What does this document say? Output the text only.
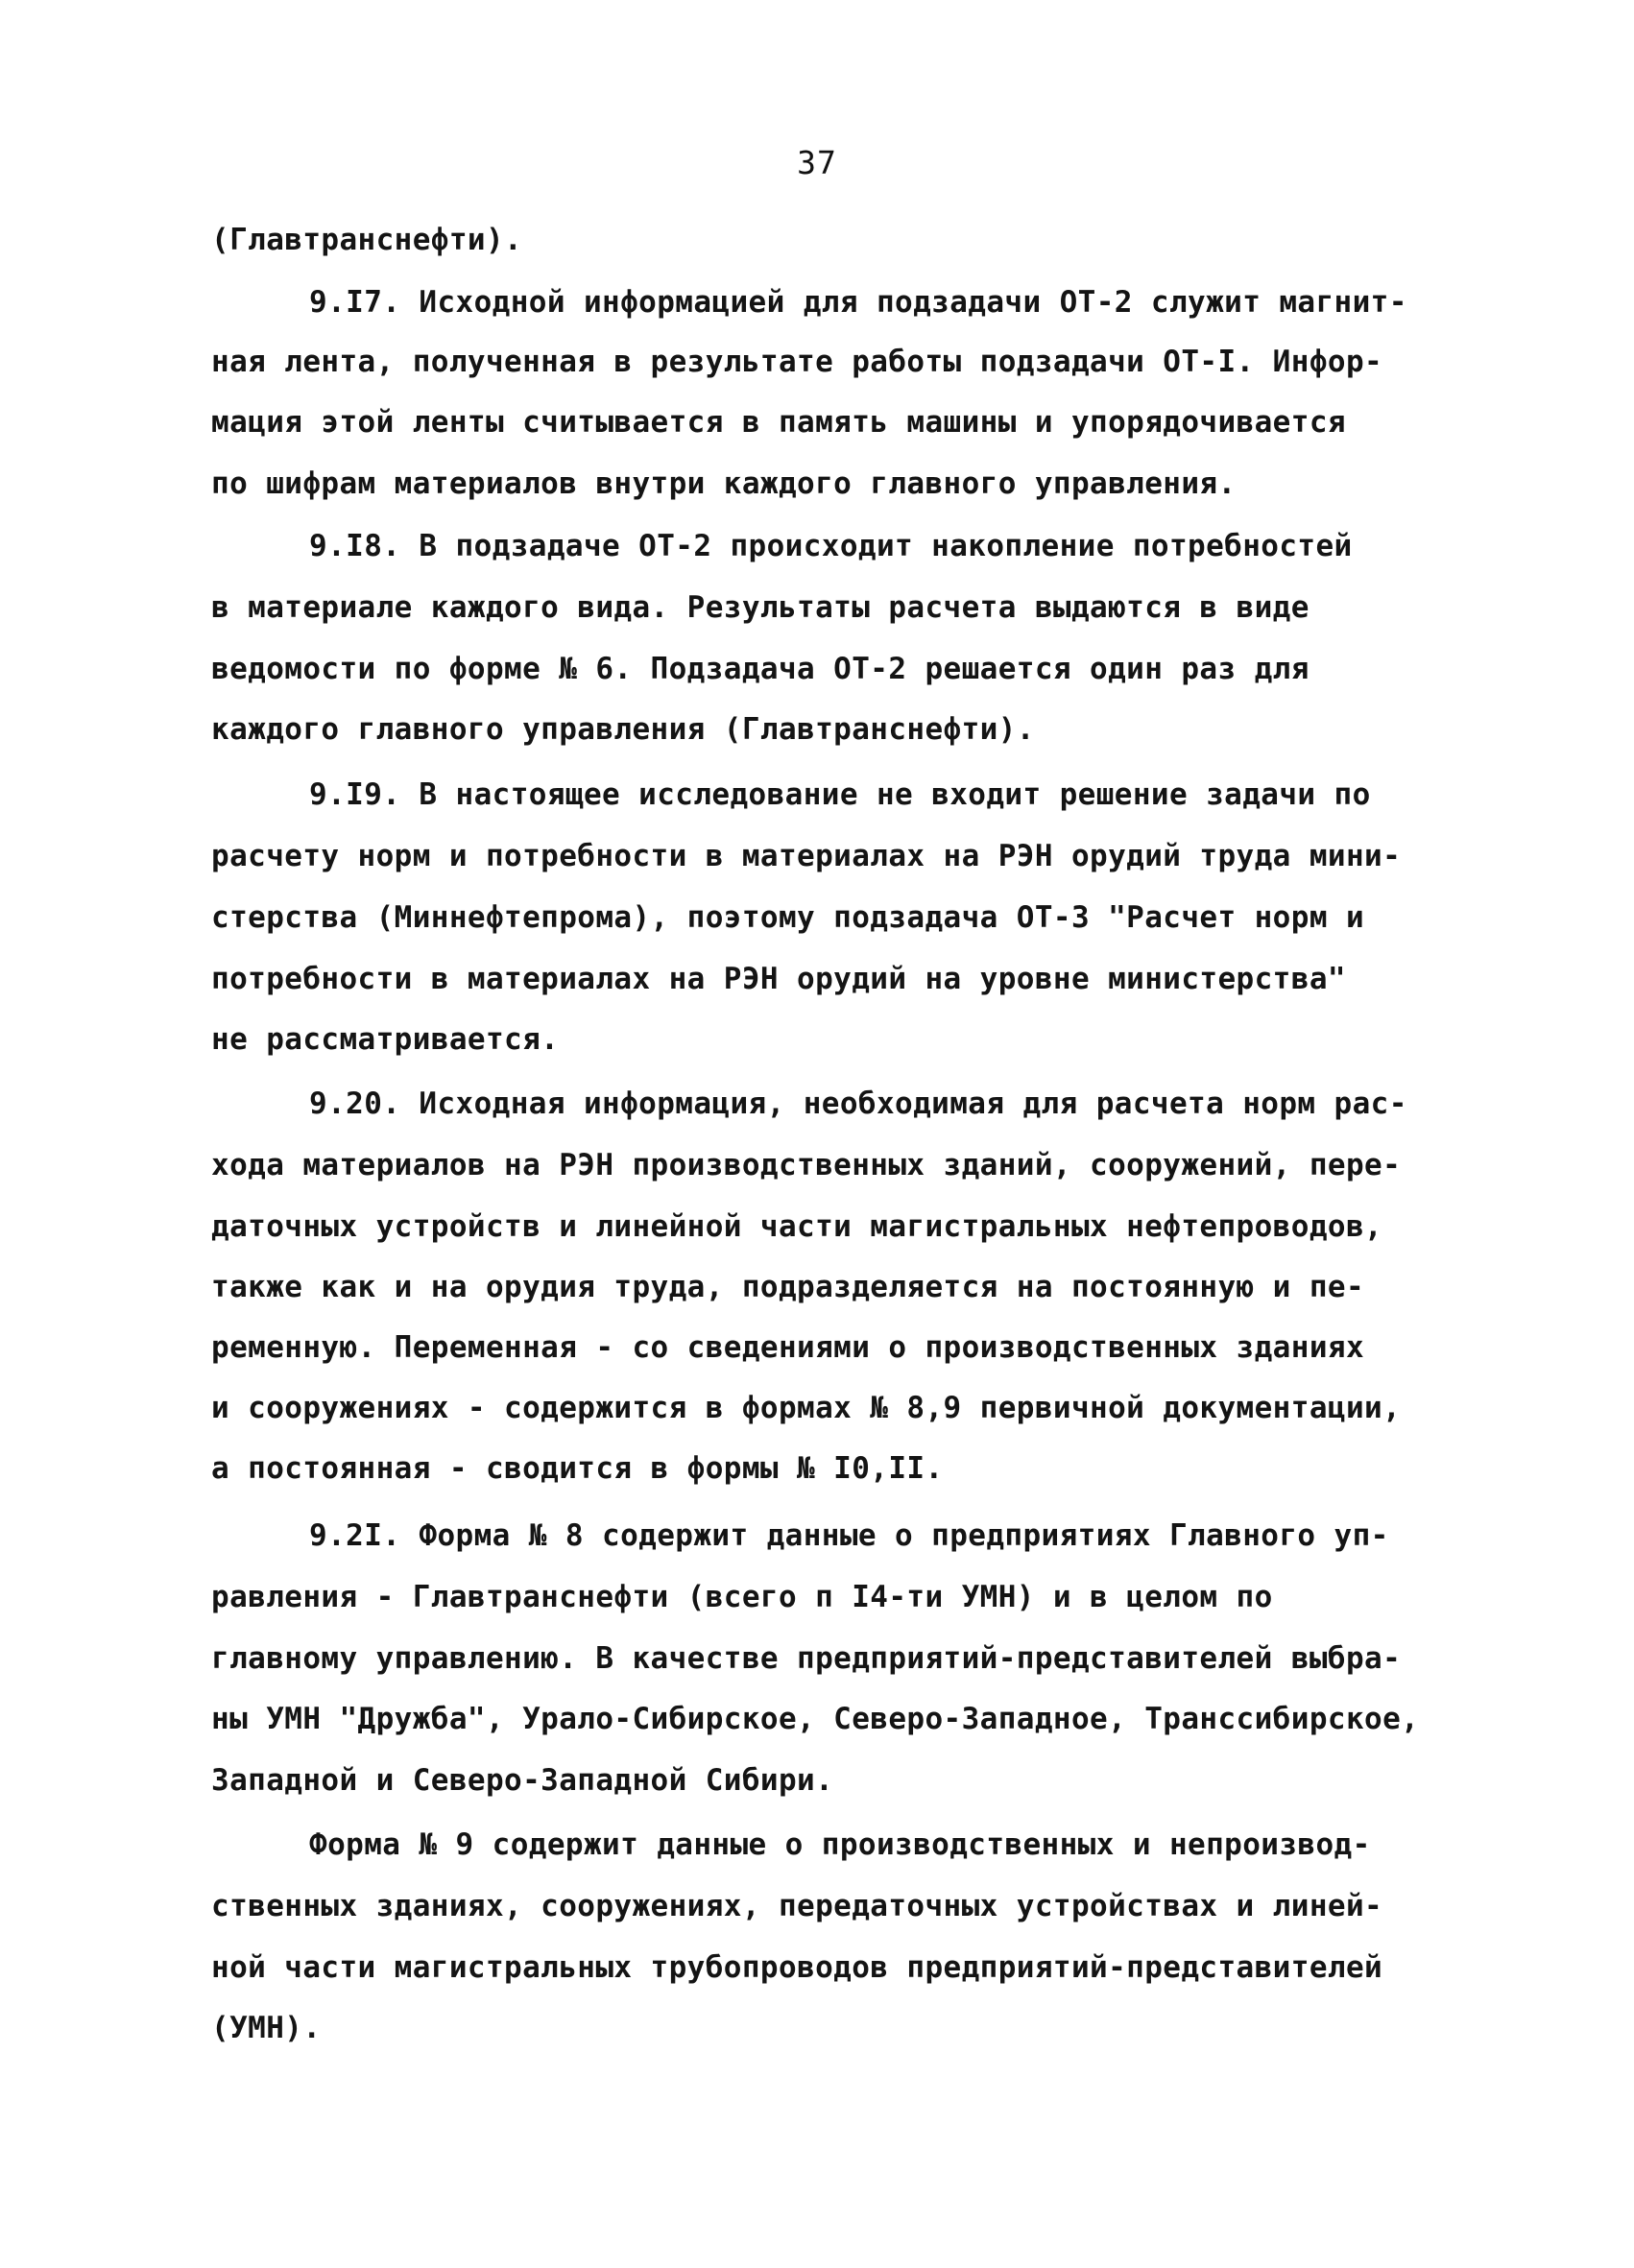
37
(Главтранснефти).
9.I7. Исходной информацией для подзадачи ОТ-2 служит магнит-
ная лента, полученная в результате работы подзадачи ОТ-I. Инфор-
мация этой ленты считывается в память машины и упорядочивается
по шифрам материалов внутри каждого главного управления.
9.I8. В подзадаче ОТ-2 происходит накопление потребностей
в материале каждого вида. Результаты расчета выдаются в виде
ведомости по форме № 6. Подзадача ОТ-2 решается один раз для
каждого главного управления (Главтранснефти).
9.I9. В настоящее исследование не входит решение задачи по
расчету норм и потребности в материалах на РЭН орудий труда мини-
стерства (Миннефтепрома), поэтому подзадача ОТ-3 "Расчет норм и
потребности в материалах на РЭН орудий на уровне министерства"
не рассматривается.
9.20. Исходная информация, необходимая для расчета норм рас-
хода материалов на РЭН производственных зданий, сооружений, пере-
даточных устройств и линейной части магистральных нефтепроводов,
также как и на орудия труда, подразделяется на постоянную и пе-
ременную. Переменная - со сведениями о производственных зданиях
и сооружениях - содержится в формах № 8,9 первичной документации,
а постоянная - сводится в формы № I0,II.
9.2I. Форма № 8 содержит данные о предприятиях Главного уп-
равления - Главтранснефти (всего п I4-ти УМН) и в целом по
главному управлению. В качестве предприятий-представителей выбра-
ны УМН "Дружба", Урало-Сибирское, Северо-Западное, Транссибирское,
Западной и Северо-Западной Сибири.
Форма № 9 содержит данные о производственных и непроизвод-
ственных зданиях, сооружениях, передаточных устройствах и линей-
ной части магистральных трубопроводов предприятий-представителей
(УМН).
